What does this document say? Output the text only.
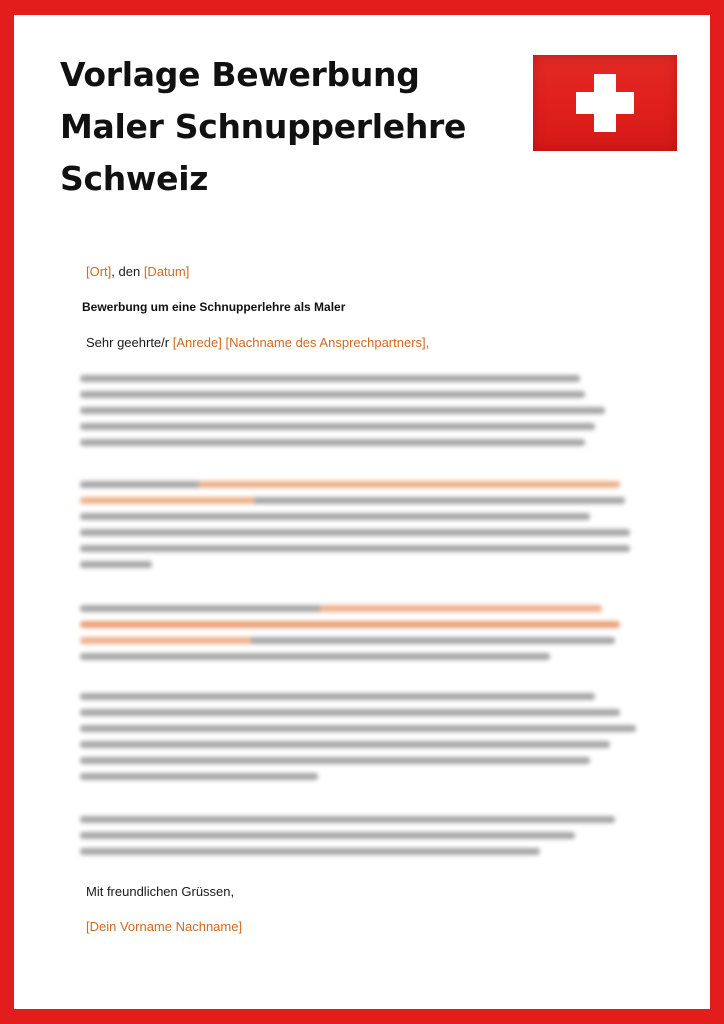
Vorlage Bewerbung
Maler Schnupperlehre
Schweiz
[Ort], den [Datum]
Bewerbung um eine Schnupperlehre als Maler
Sehr geehrte/r [Anrede] [Nachname des Ansprechpartners],
Mit freundlichen Grüssen,
[Dein Vorname Nachname]
